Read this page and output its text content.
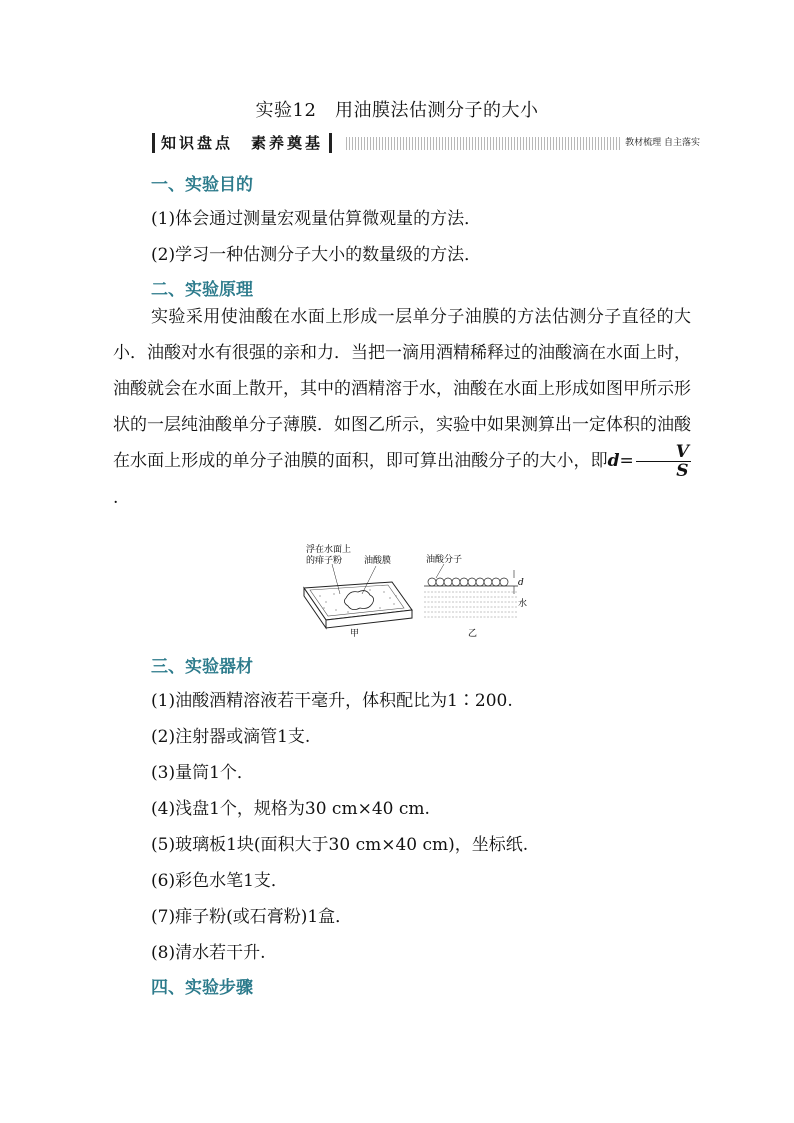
实验12　用油膜法估测分子的大小
知识盘点　素养奠基	教材梳理 自主落实
一、实验目的
(1)体会通过测量宏观量估算微观量的方法．
(2)学习一种估测分子大小的数量级的方法．
二、实验原理
实验采用使油酸在水面上形成一层单分子油膜的方法估测分子直径的大小．油酸对水有很强的亲和力．当把一滴用酒精稀释过的油酸滴在水面上时，油酸就会在水面上散开，其中的酒精溶于水，油酸在水面上形成如图甲所示形状的一层纯油酸单分子薄膜．如图乙所示，实验中如果测算出一定体积的油酸在水面上形成的单分子油膜的面积，即可算出油酸分子的大小，即$d= \frac{V}{S}$
.
浮在水面上
的痱子粉 油酸膜
甲
油酸分子
d
水
乙
三、实验器材
(1)油酸酒精溶液若干毫升，体积配比为1∶200.
(2)注射器或滴管1支.
(3)量筒1个．
(4)浅盘1个，规格为30 cm×40 cm.
(5)玻璃板1块(面积大于30 cm×40 cm)，坐标纸.
(6)彩色水笔1支．
(7)痱子粉(或石膏粉)1盒．
(8)清水若干升.
四、实验步骤
